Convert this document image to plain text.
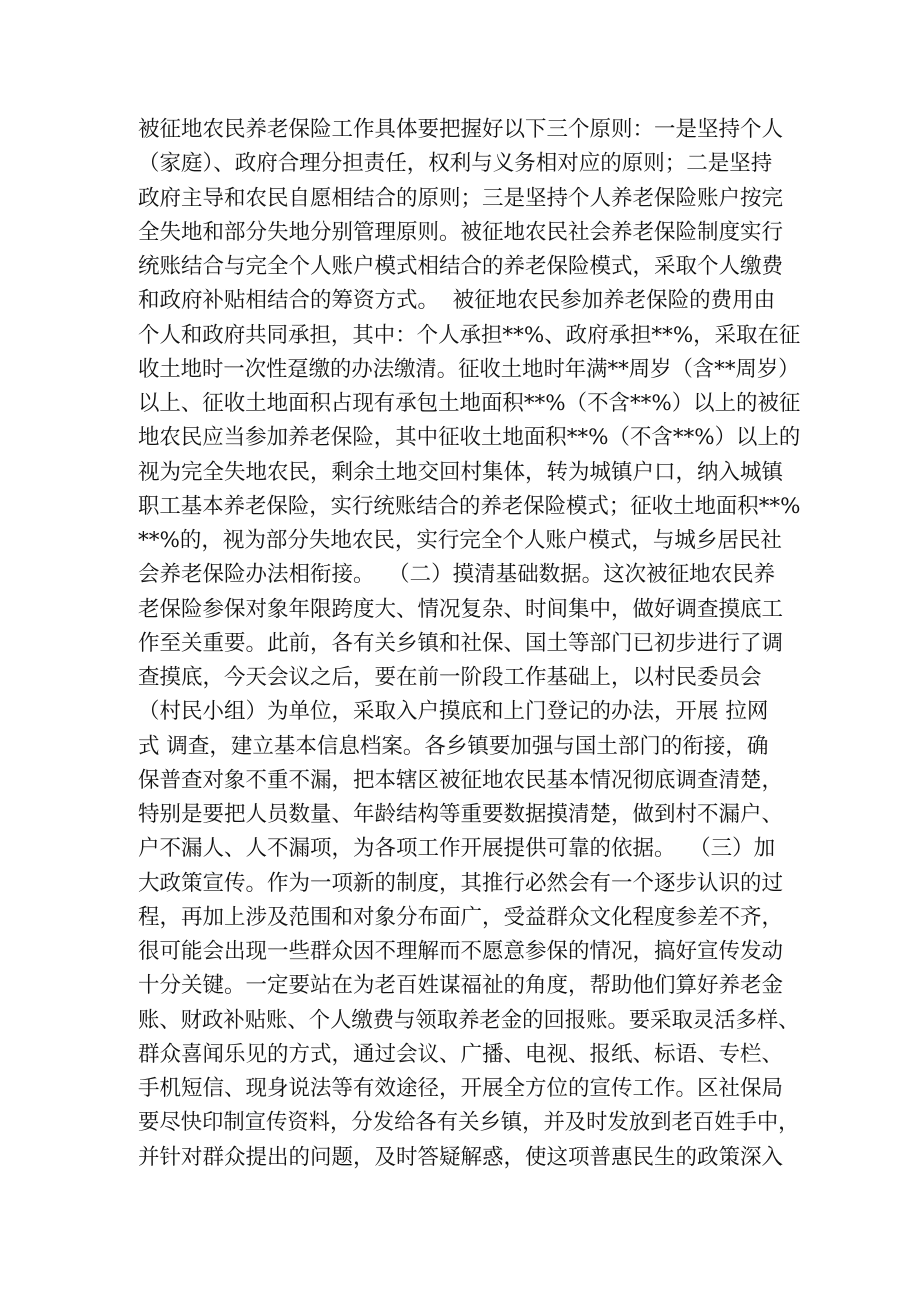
被征地农民养老保险工作具体要把握好以下三个原则：一是坚持个人
（家庭）、政府合理分担责任，权利与义务相对应的原则；二是坚持
政府主导和农民自愿相结合的原则；三是坚持个人养老保险账户按完
全失地和部分失地分别管理原则。被征地农民社会养老保险制度实行
统账结合与完全个人账户模式相结合的养老保险模式，采取个人缴费
和政府补贴相结合的筹资方式。  被征地农民参加养老保险的费用由
个人和政府共同承担，其中：个人承担**%、政府承担**%，采取在征
收土地时一次性趸缴的办法缴清。征收土地时年满**周岁（含**周岁）
以上、征收土地面积占现有承包土地面积**%（不含**%）以上的被征
地农民应当参加养老保险，其中征收土地面积**%（不含**%）以上的
视为完全失地农民，剩余土地交回村集体，转为城镇户口，纳入城镇
职工基本养老保险，实行统账结合的养老保险模式；征收土地面积**%
**%的，视为部分失地农民，实行完全个人账户模式，与城乡居民社
会养老保险办法相衔接。  （二）摸清基础数据。这次被征地农民养
老保险参保对象年限跨度大、情况复杂、时间集中，做好调查摸底工
作至关重要。此前，各有关乡镇和社保、国土等部门已初步进行了调
查摸底，今天会议之后，要在前一阶段工作基础上，以村民委员会
（村民小组）为单位，采取入户摸底和上门登记的办法，开展 拉网
式 调查，建立基本信息档案。各乡镇要加强与国土部门的衔接，确
保普查对象不重不漏，把本辖区被征地农民基本情况彻底调查清楚，
特别是要把人员数量、年龄结构等重要数据摸清楚，做到村不漏户、
户不漏人、人不漏项，为各项工作开展提供可靠的依据。  （三）加
大政策宣传。作为一项新的制度，其推行必然会有一个逐步认识的过
程，再加上涉及范围和对象分布面广，受益群众文化程度参差不齐，
很可能会出现一些群众因不理解而不愿意参保的情况，搞好宣传发动
十分关键。一定要站在为老百姓谋福祉的角度，帮助他们算好养老金
账、财政补贴账、个人缴费与领取养老金的回报账。要采取灵活多样、
群众喜闻乐见的方式，通过会议、广播、电视、报纸、标语、专栏、
手机短信、现身说法等有效途径，开展全方位的宣传工作。区社保局
要尽快印制宣传资料，分发给各有关乡镇，并及时发放到老百姓手中，
并针对群众提出的问题，及时答疑解惑，使这项普惠民生的政策深入
